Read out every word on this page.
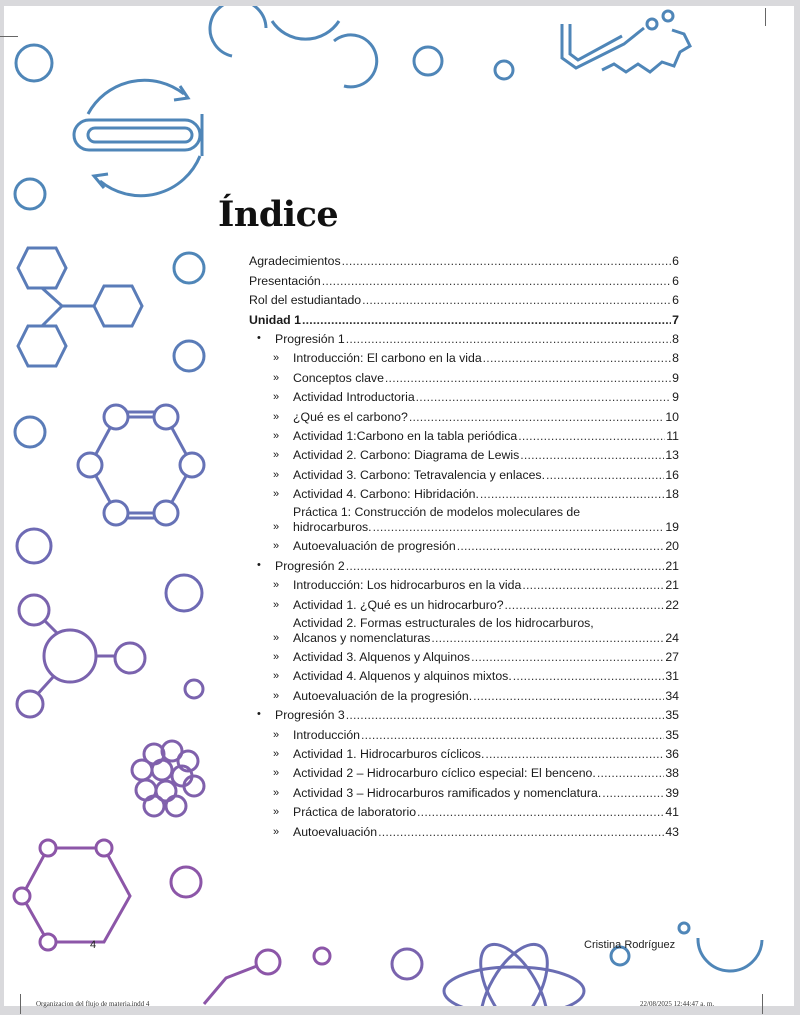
Índice
Agradecimientos . . .	6
Presentación . . .	6
Rol del estudiantado . . .	6
Unidad 1 . . .	7
• Progresión 1 . . .	8
» Introducción: El carbono en la vida . . .	8
» Conceptos clave . . .	9
» Actividad Introductoria . . .	9
» ¿Qué es el carbono? . . .	10
» Actividad 1:Carbono en la tabla periódica . . .	11
» Actividad 2. Carbono: Diagrama de Lewis . . .	13
» Actividad 3. Carbono: Tetravalencia y enlaces. . . .	16
» Actividad 4. Carbono: Hibridación. . . .	18
»
Práctica 1: Construcción de modelos moleculares de
hidrocarburos. . . .	19
» Autoevaluación de progresión . . .	20
• Progresión 2 . . .	21
» Introducción: Los hidrocarburos en la vida . . .	21
» Actividad 1. ¿Qué es un hidrocarburo? . . .	22
»
Actividad 2. Formas estructurales de los hidrocarburos,
Alcanos y nomenclaturas . . .	24
» Actividad 3. Alquenos y Alquinos . . .	27
» Actividad 4. Alquenos y alquinos mixtos. . . .	31
» Autoevaluación de la progresión. . . .	34
• Progresión 3 . . .	35
» Introducción . . .	35
» Actividad 1. Hidrocarburos cíclicos. . . .	36
» Actividad 2 – Hidrocarburo cíclico especial: El benceno. . . .	38
» Actividad 3 – Hidrocarburos ramificados y nomenclatura. . . .	39
» Práctica de laboratorio . . .	41
» Autoevaluación . . .	43
4	Cristina Rodríguez
Organizacion del flujo de materia.indd 4	22/08/2025 12:44:47 a. m.
